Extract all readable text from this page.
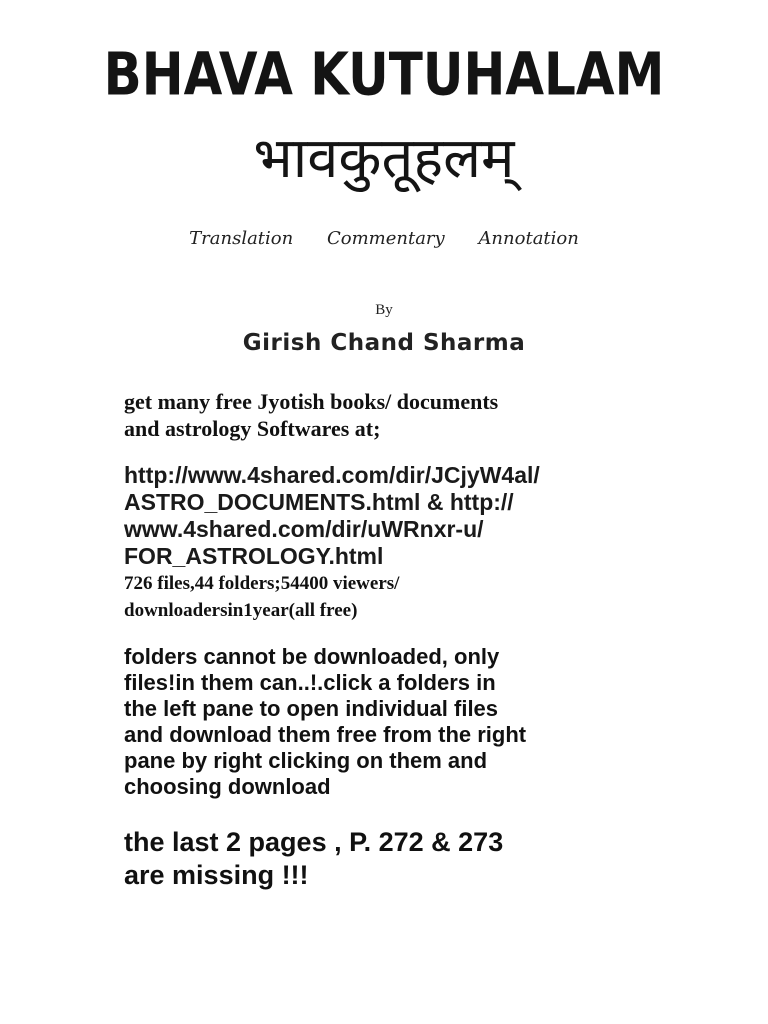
BHAVA KUTUHALAM
भावकुतूहलम्
Translation Commentary Annotation
By
Girish Chand Sharma
get many free Jyotish books/ documents
and astrology Softwares at;
http://www.4shared.com/dir/JCjyW4al/
ASTRO_DOCUMENTS.html & http://
www.4shared.com/dir/uWRnxr-u/
FOR_ASTROLOGY.html
726 files,44 folders;54400 viewers/
downloadersin1year(all free)
folders cannot be downloaded, only
files!in them can..!.click a folders in
the left pane to open individual files
and download them free from the right
pane by right clicking on them and
choosing download
the last 2 pages , P. 272 & 273
are missing !!!
